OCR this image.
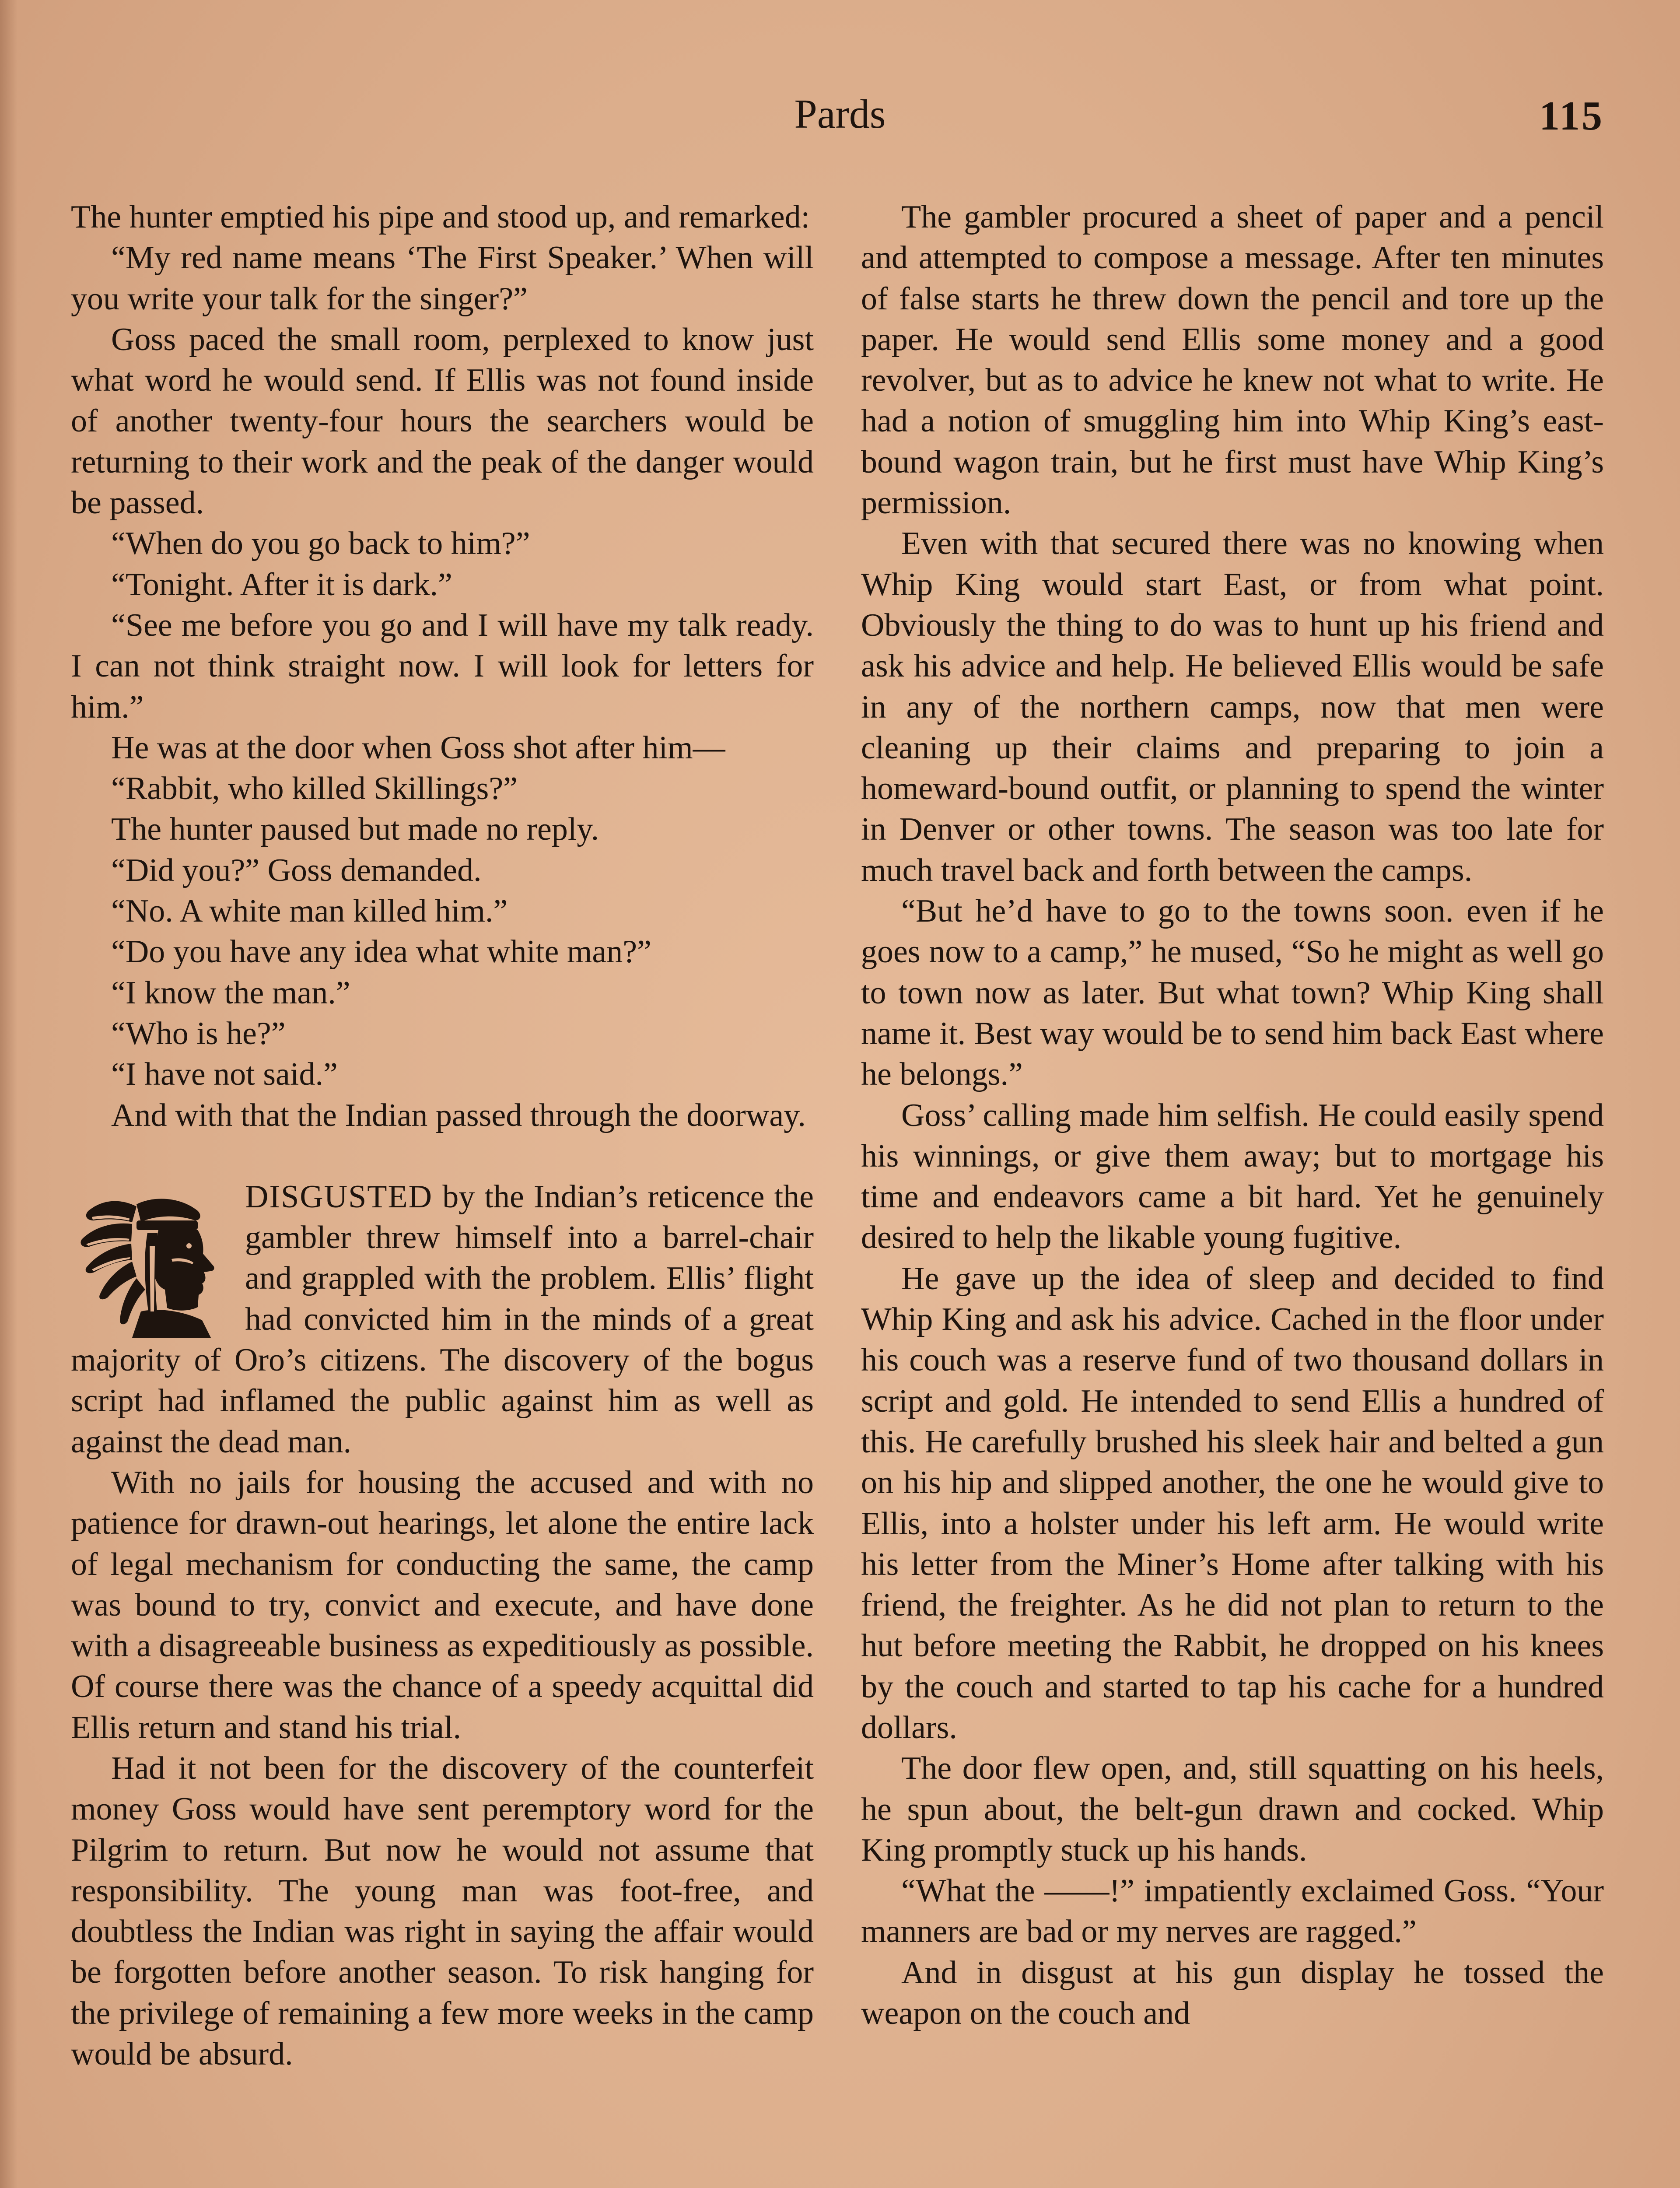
Pards	115

The hunter emptied his pipe and stood up, and remarked:

“My red name means ‘The First Speaker.’ When will you write your talk for the singer?”

Goss paced the small room, perplexed to know just what word he would send. If Ellis was not found inside of another twenty-four hours the searchers would be returning to their work and the peak of the danger would be passed.

“When do you go back to him?”

“Tonight. After it is dark.”

“See me before you go and I will have my talk ready. I can not think straight now. I will look for letters for him.”

He was at the door when Goss shot after him—

“Rabbit, who killed Skillings?”

The hunter paused but made no reply.

“Did you?” Goss demanded.

“No. A white man killed him.”

“Do you have any idea what white man?”

“I know the man.”

“Who is he?”

“I have not said.”

And with that the Indian passed through the doorway.

DISGUSTED by the Indian’s reticence the gambler threw himself into a barrel-chair and grappled with the problem. Ellis’ flight had convicted him in the minds of a great majority of Oro’s citizens. The discovery of the bogus script had inflamed the public against him as well as against the dead man.

With no jails for housing the accused and with no patience for drawn-out hearings, let alone the entire lack of legal mechanism for conducting the same, the camp was bound to try, convict and execute, and have done with a disagreeable business as expeditiously as possible. Of course there was the chance of a speedy acquittal did Ellis return and stand his trial.

Had it not been for the discovery of the counterfeit money Goss would have sent peremptory word for the Pilgrim to return. But now he would not assume that responsibility. The young man was foot-free, and doubtless the Indian was right in saying the affair would be forgotten before another season. To risk hanging for the privilege of remaining a few more weeks in the camp would be absurd.

The gambler procured a sheet of paper and a pencil and attempted to compose a message. After ten minutes of false starts he threw down the pencil and tore up the paper. He would send Ellis some money and a good revolver, but as to advice he knew not what to write. He had a notion of smuggling him into Whip King’s east-bound wagon train, but he first must have Whip King’s permission.

Even with that secured there was no knowing when Whip King would start East, or from what point. Obviously the thing to do was to hunt up his friend and ask his advice and help. He believed Ellis would be safe in any of the northern camps, now that men were cleaning up their claims and preparing to join a homeward-bound outfit, or planning to spend the winter in Denver or other towns. The season was too late for much travel back and forth between the camps.

“But he’d have to go to the towns soon. even if he goes now to a camp,” he mused, “So he might as well go to town now as later. But what town? Whip King shall name it. Best way would be to send him back East where he belongs.”

Goss’ calling made him selfish. He could easily spend his winnings, or give them away; but to mortgage his time and endeavors came a bit hard. Yet he genuinely desired to help the likable young fugitive.

He gave up the idea of sleep and decided to find Whip King and ask his advice. Cached in the floor under his couch was a reserve fund of two thousand dollars in script and gold. He intended to send Ellis a hundred of this. He carefully brushed his sleek hair and belted a gun on his hip and slipped another, the one he would give to Ellis, into a holster under his left arm. He would write his letter from the Miner’s Home after talking with his friend, the freighter. As he did not plan to return to the hut before meeting the Rabbit, he dropped on his knees by the couch and started to tap his cache for a hundred dollars.

The door flew open, and, still squatting on his heels, he spun about, the belt-gun drawn and cocked. Whip King promptly stuck up his hands.

“What the ——!” impatiently exclaimed Goss. “Your manners are bad or my nerves are ragged.”

And in disgust at his gun display he tossed the weapon on the couch and
